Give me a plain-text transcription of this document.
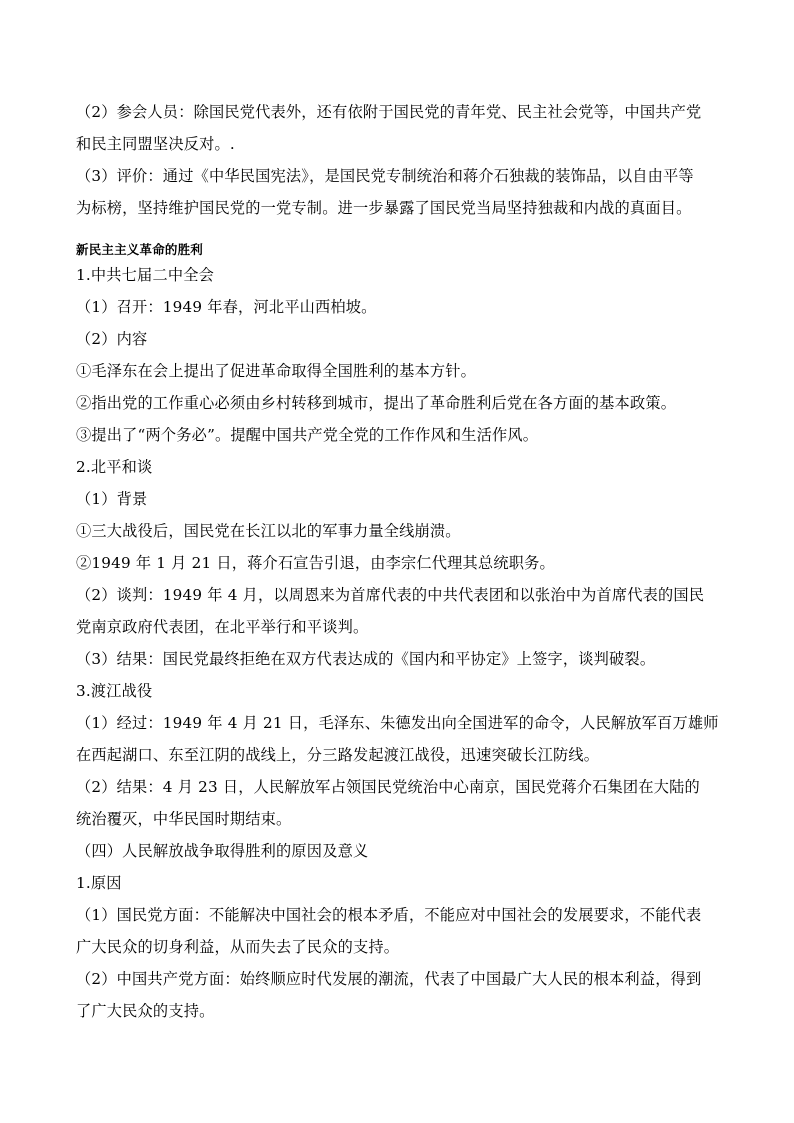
（2）参会人员：除国民党代表外，还有依附于国民党的青年党、民主社会党等，中国共产党
和民主同盟坚决反对。.
（3）评价：通过《中华民国宪法》，是国民党专制统治和蒋介石独裁的装饰品，以自由平等
为标榜，坚持维护国民党的一党专制。进一步暴露了国民党当局坚持独裁和内战的真面目。
新民主主义革命的胜利
1.中共七届二中全会
（1）召开：1949 年春，河北平山西柏坡。
（2）内容
①毛泽东在会上提出了促进革命取得全国胜利的基本方针。
②指出党的工作重心必须由乡村转移到城市，提出了革命胜利后党在各方面的基本政策。
③提出了“两个务必”。提醒中国共产党全党的工作作风和生活作风。
2.北平和谈
（1）背景
①三大战役后，国民党在长江以北的军事力量全线崩溃。
②1949 年 1 月 21 日，蒋介石宣告引退，由李宗仁代理其总统职务。
（2）谈判：1949 年 4 月，以周恩来为首席代表的中共代表团和以张治中为首席代表的国民
党南京政府代表团，在北平举行和平谈判。
（3）结果：国民党最终拒绝在双方代表达成的《国内和平协定》上签字，谈判破裂。
3.渡江战役
（1）经过：1949 年 4 月 21 日，毛泽东、朱德发出向全国进军的命令，人民解放军百万雄师
在西起湖口、东至江阴的战线上，分三路发起渡江战役，迅速突破长江防线。
（2）结果：4 月 23 日，人民解放军占领国民党统治中心南京，国民党蒋介石集团在大陆的
统治覆灭，中华民国时期结束。
（四）人民解放战争取得胜利的原因及意义
1.原因
（1）国民党方面：不能解决中国社会的根本矛盾，不能应对中国社会的发展要求，不能代表
广大民众的切身利益，从而失去了民众的支持。
（2）中国共产党方面：始终顺应时代发展的潮流，代表了中国最广大人民的根本利益，得到
了广大民众的支持。
